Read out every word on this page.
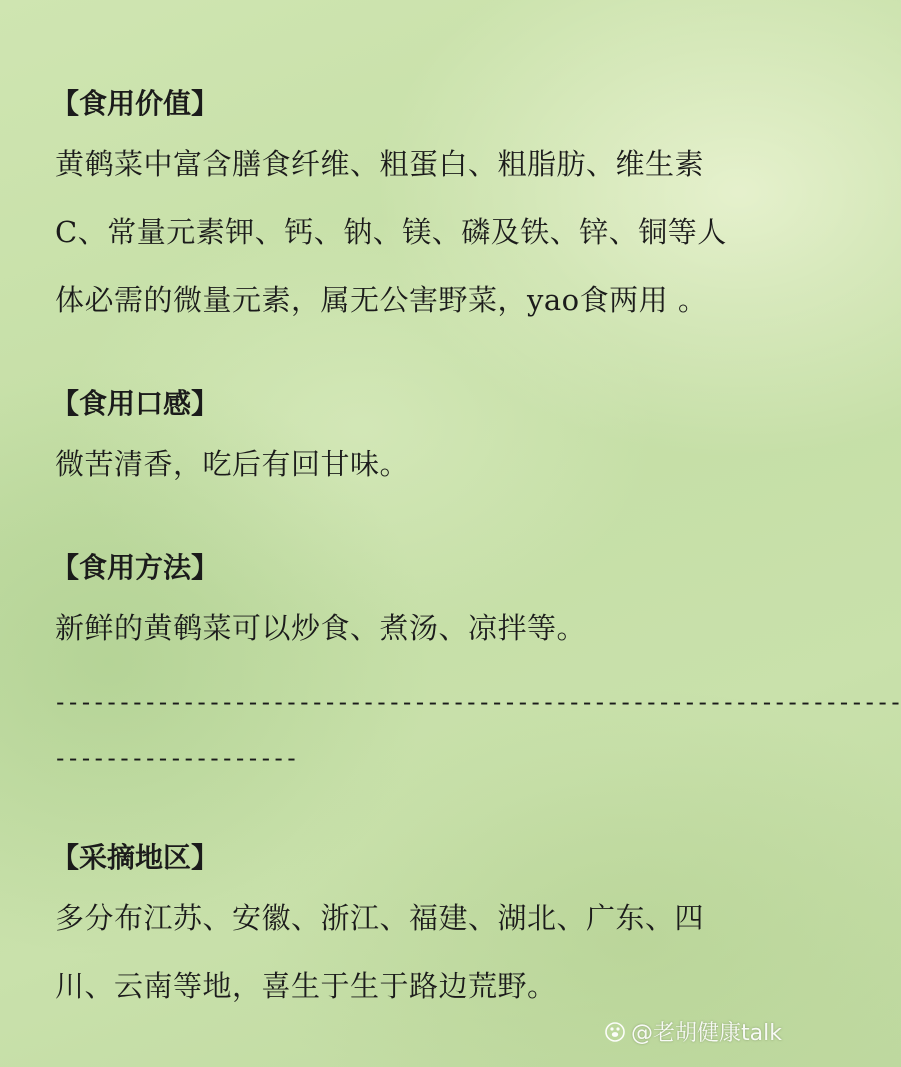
【食用价值】
黄鹌菜中富含膳食纤维、粗蛋白、粗脂肪、维生素
C、常量元素钾、钙、钠、镁、磷及铁、锌、铜等人
体必需的微量元素，属无公害野菜，yao食两用 。
【食用口感】
微苦清香，吃后有回甘味。
【食用方法】
新鲜的黄鹌菜可以炒食、煮汤、凉拌等。
------------------------------------------------------------------
-------------------
【采摘地区】
多分布江苏、安徽、浙江、福建、湖北、广东、四
川、云南等地，喜生于生于路边荒野。
@老胡健康talk
